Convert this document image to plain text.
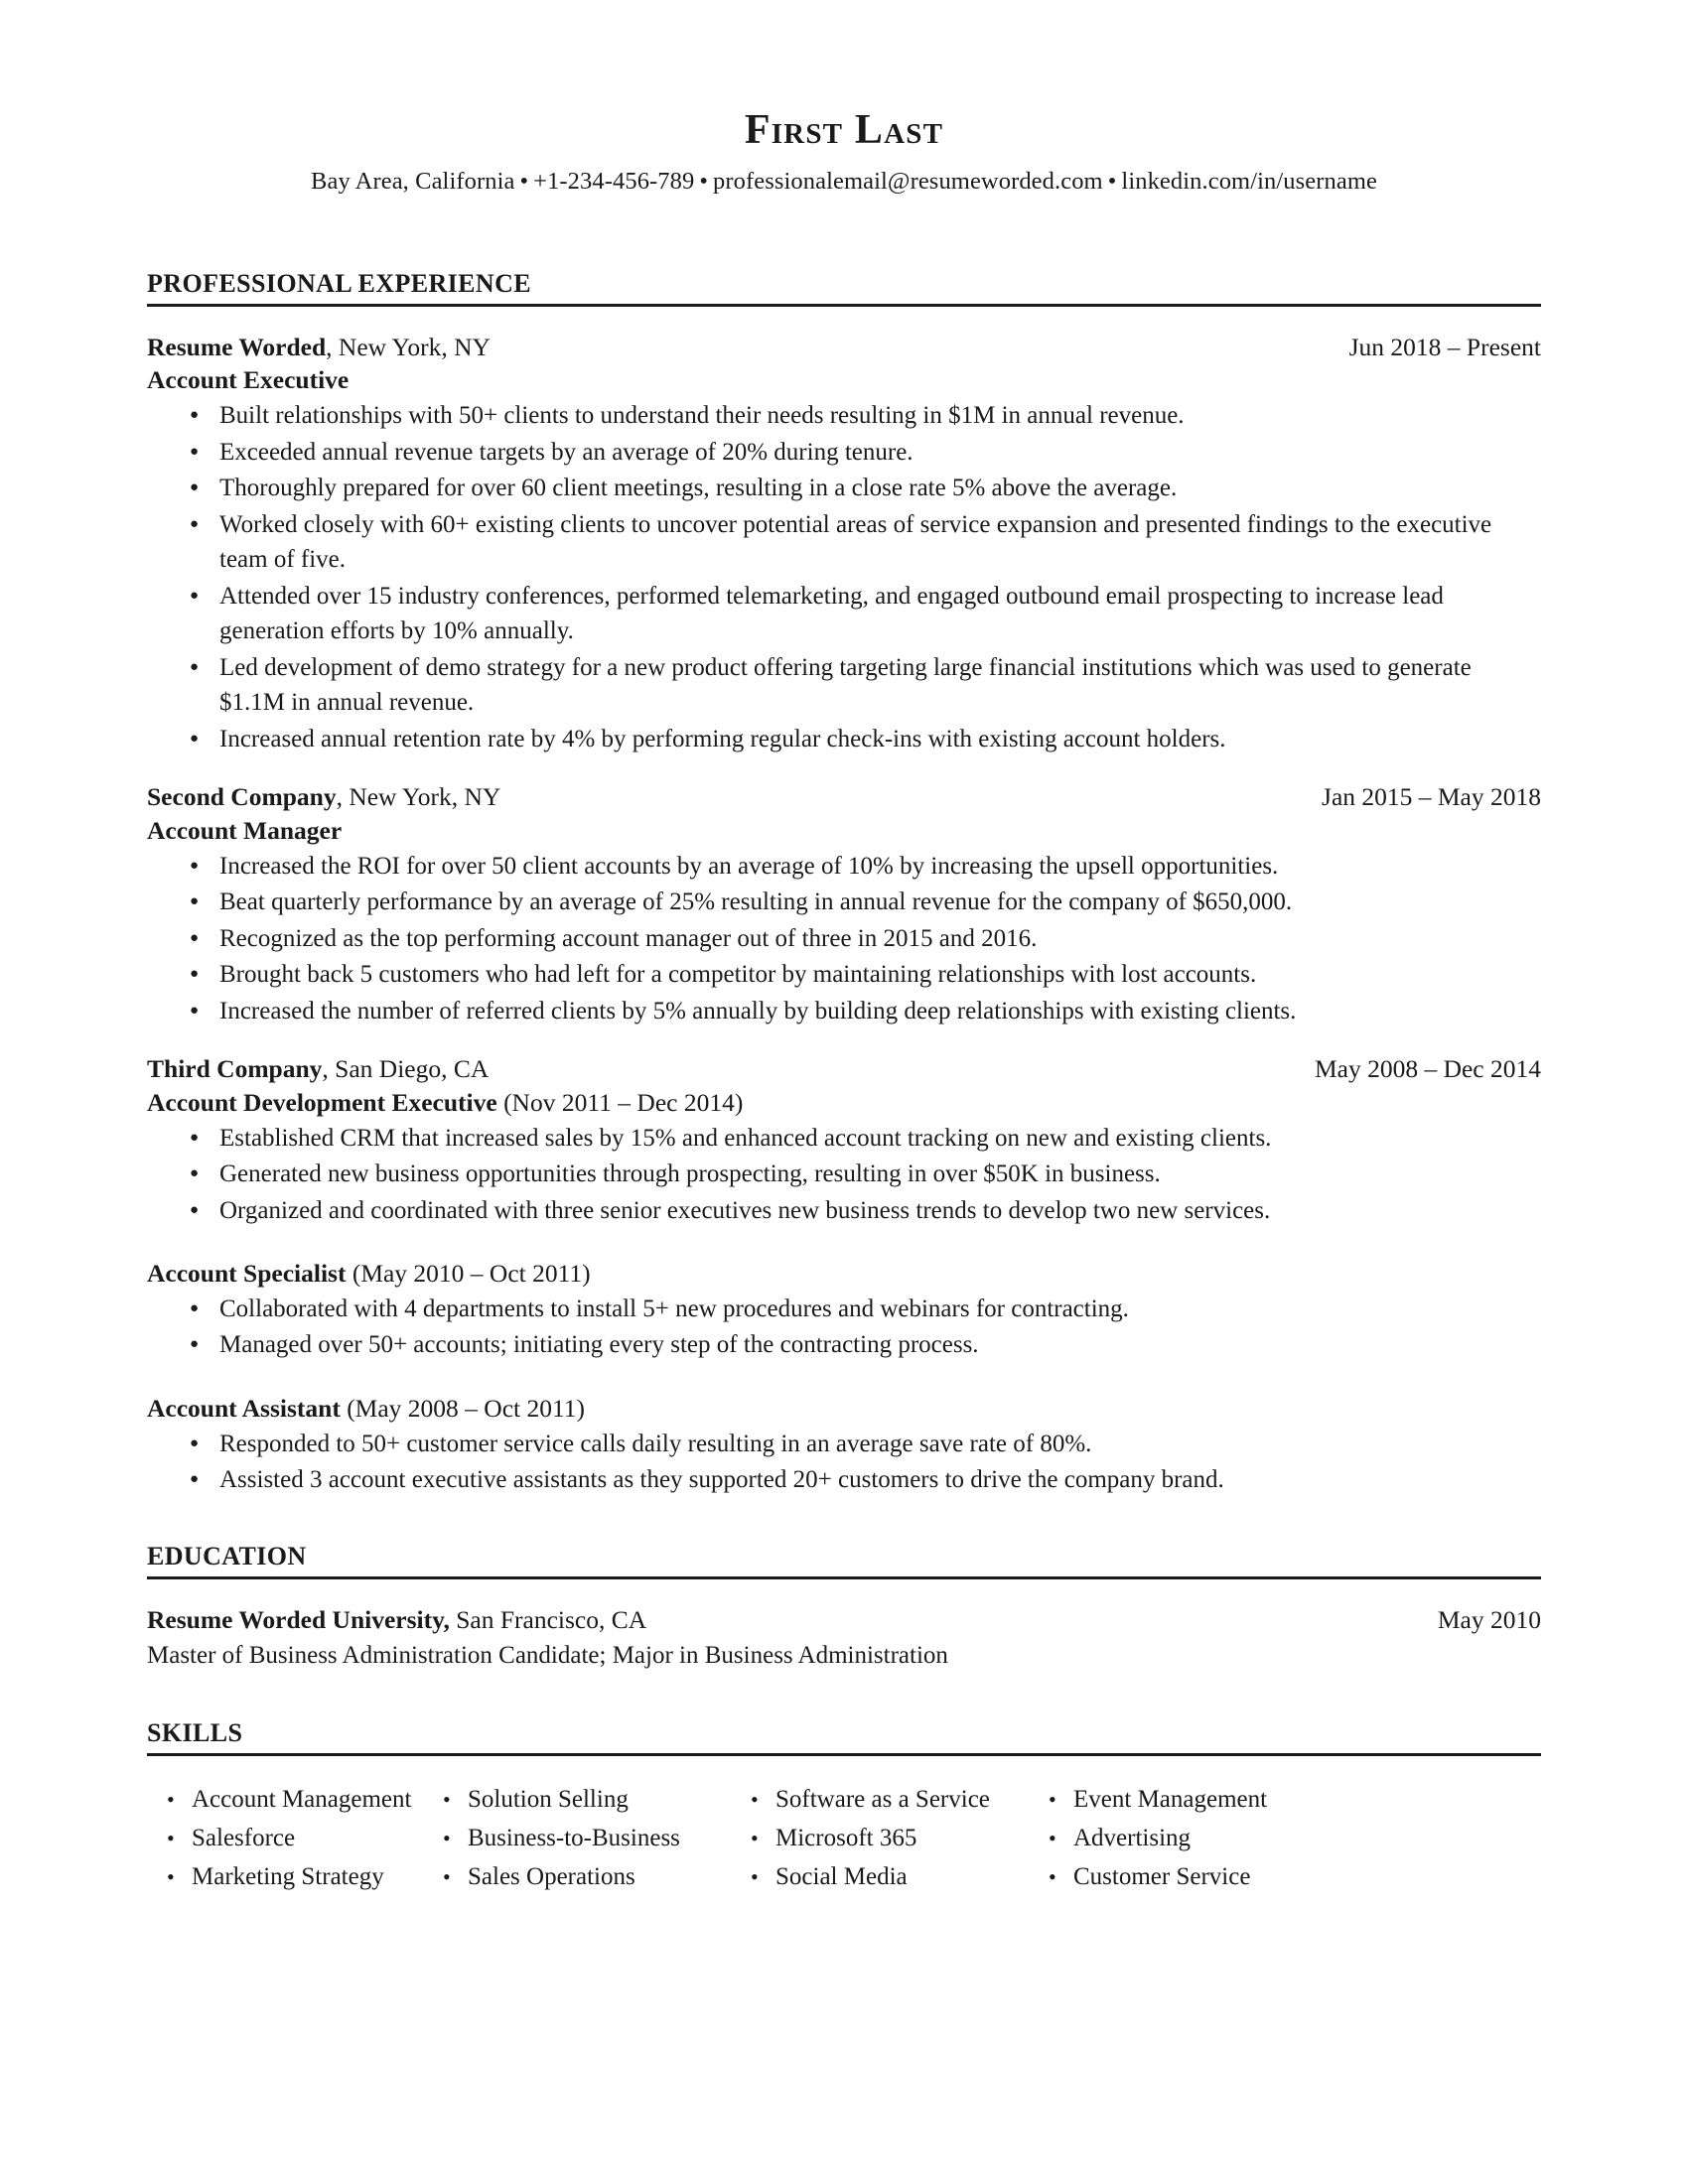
First Last
Bay Area, California • +1-234-456-789 • professionalemail@resumeworded.com • linkedin.com/in/username
PROFESSIONAL EXPERIENCE
Resume Worded, New York, NY	Jun 2018 – Present
Account Executive
● Built relationships with 50+ clients to understand their needs resulting in $1M in annual revenue.
● Exceeded annual revenue targets by an average of 20% during tenure.
● Thoroughly prepared for over 60 client meetings, resulting in a close rate 5% above the average.
● Worked closely with 60+ existing clients to uncover potential areas of service expansion and presented findings to the executive team of five.
● Attended over 15 industry conferences, performed telemarketing, and engaged outbound email prospecting to increase lead generation efforts by 10% annually.
● Led development of demo strategy for a new product offering targeting large financial institutions which was used to generate $1.1M in annual revenue.
● Increased annual retention rate by 4% by performing regular check-ins with existing account holders.
Second Company, New York, NY	Jan 2015 – May 2018
Account Manager
● Increased the ROI for over 50 client accounts by an average of 10% by increasing the upsell opportunities.
● Beat quarterly performance by an average of 25% resulting in annual revenue for the company of $650,000.
● Recognized as the top performing account manager out of three in 2015 and 2016.
● Brought back 5 customers who had left for a competitor by maintaining relationships with lost accounts.
● Increased the number of referred clients by 5% annually by building deep relationships with existing clients.
Third Company, San Diego, CA	May 2008 – Dec 2014
Account Development Executive (Nov 2011 – Dec 2014)
● Established CRM that increased sales by 15% and enhanced account tracking on new and existing clients.
● Generated new business opportunities through prospecting, resulting in over $50K in business.
● Organized and coordinated with three senior executives new business trends to develop two new services.
Account Specialist (May 2010 – Oct 2011)
● Collaborated with 4 departments to install 5+ new procedures and webinars for contracting.
● Managed over 50+ accounts; initiating every step of the contracting process.
Account Assistant (May 2008 – Oct 2011)
● Responded to 50+ customer service calls daily resulting in an average save rate of 80%.
● Assisted 3 account executive assistants as they supported 20+ customers to drive the company brand.
EDUCATION
Resume Worded University, San Francisco, CA	May 2010
Master of Business Administration Candidate; Major in Business Administration
SKILLS
• Account Management	• Solution Selling	• Software as a Service	• Event Management
• Salesforce	• Business-to-Business	• Microsoft 365	• Advertising
• Marketing Strategy	• Sales Operations	• Social Media	• Customer Service
